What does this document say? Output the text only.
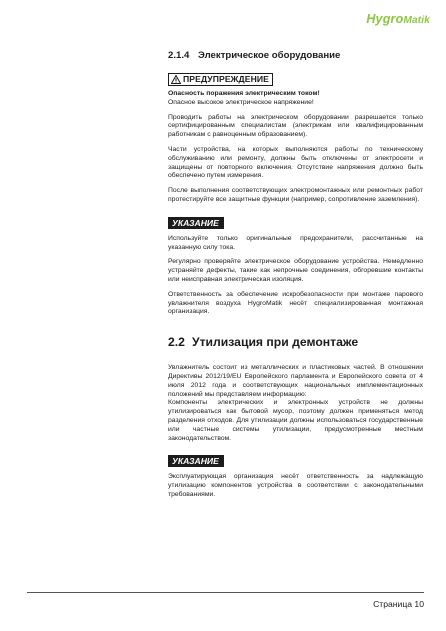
HygroMatik
2.1.4 Электрическое оборудование
ПРЕДУПРЕЖДЕНИЕ

Опасность поражения электрическим током!

Опасное высокое электрическое напряжение!

Проводить работы на электрическом оборудовании разрешается только сертифицированным специалистам (электрикам или квалифицированным работникам с равноценным образованием).

Части устройства, на которых выполняются работы по техническому обслуживанию или ремонту, должны быть отключены от электросети и защищены от повторного включения. Отсутствие напряжения должно быть обеспечено путем измерения.

После выполнения соответствующих электромонтажных или ремонтных работ протестируйте все защитные функции (например, сопротивление заземления).

УКАЗАНИЕ

Используйте только оригинальные предохранители, рассчитанные на указанную силу тока.

Регулярно проверяйте электрическое оборудование устройства. Немедленно устраняйте дефекты, такие как непрочные соединения, обгоревшие контакты или неисправная электрическая изоляция.

Ответственность за обеспечение искробезопасности при монтаже парового увлажнителя воздуха HygroMatik несёт специализированная монтажная организация.

2.2 Утилизация при демонтаже

Увлажнитель состоит из металлических и пластиковых частей. В отношении Директивы 2012/19/EU Европейского парламента и Европейского совета от 4 июля 2012 года и соответствующих национальных имплементационных положений мы представляем информацию:

Компоненты электрических и электронных устройств не должны утилизироваться как бытовой мусор, поэтому должен применяться метод разделения отходов. Для утилизации должны использоваться государственные или частные системы утилизации, предусмотренные местным законодательством.

УКАЗАНИЕ

Эксплуатирующая организация несёт ответственность за надлежащую утилизацию компонентов устройства в соответствии с законодательными требованиями.

Страница 10
